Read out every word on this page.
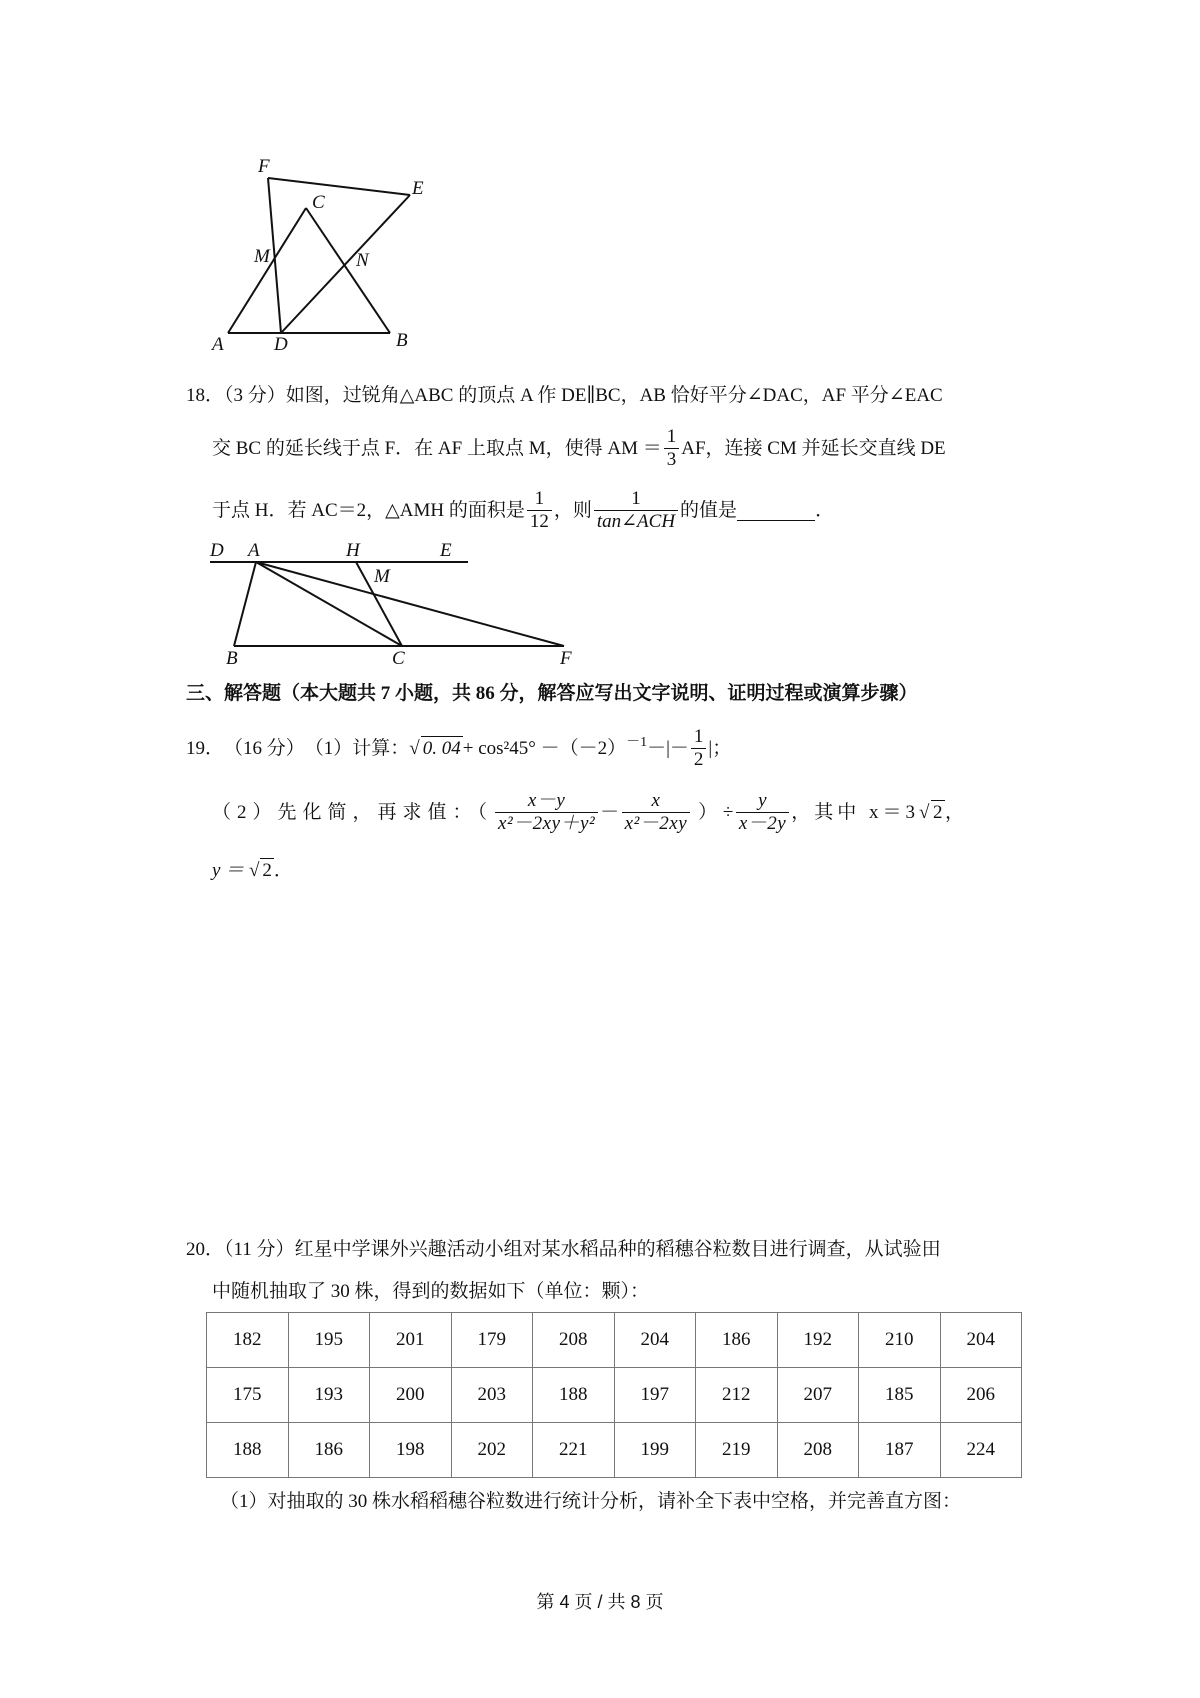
F
E
C
M	N
A	D	B
18．（3 分）如图，过锐角△ABC 的顶点 A 作 DE∥BC，AB 恰好平分∠DAC，AF 平分∠EAC
交 BC 的延长线于点 F．在 AF 上取点 M，使得 AM ＝ $\frac{1}{3}$ AF，连接 CM 并延长交直线 DE
于点 H．若 AC＝2，△AMH 的面积是 $\frac{1}{12}$ ，则 $\frac{1}{\text{tan∠ACH}}$ 的值是	．
D A	H	E
M
B	C	F
三、解答题（本大题共 7 小题，共 86 分，解答应写出文字说明、证明过程或演算步骤）
19． （16 分） （1）计算： √ 0. $04 + \cos^245^\circ -(-2)^{-1}$ －|－ $\frac{1}{2}$ |；
（2）先化简，再求值：（ $\frac{x-y}{\text{x²－2xy＋y²}} - \frac{x}{\text{x²－2xy}}$ ） ÷ $\frac{y}{x-2y}$ ，其中 x＝3 √ 2 ，
y ＝ √ 2 ．
20．（11 分）红星中学课外兴趣活动小组对某水稻品种的稻穗谷粒数目进行调查，从试验田
中随机抽取了 30 株，得到的数据如下（单位：颗）：
182	195	201	179	208	204	186	192	210	204
175	193	200	203	188	197	212	207	185	206
188	186	198	202	221	199	219	208	187	224
（1）对抽取的 30 株水稻稻穗谷粒数进行统计分析，请补全下表中空格，并完善直方图：
第 4 页 / 共 8 页
